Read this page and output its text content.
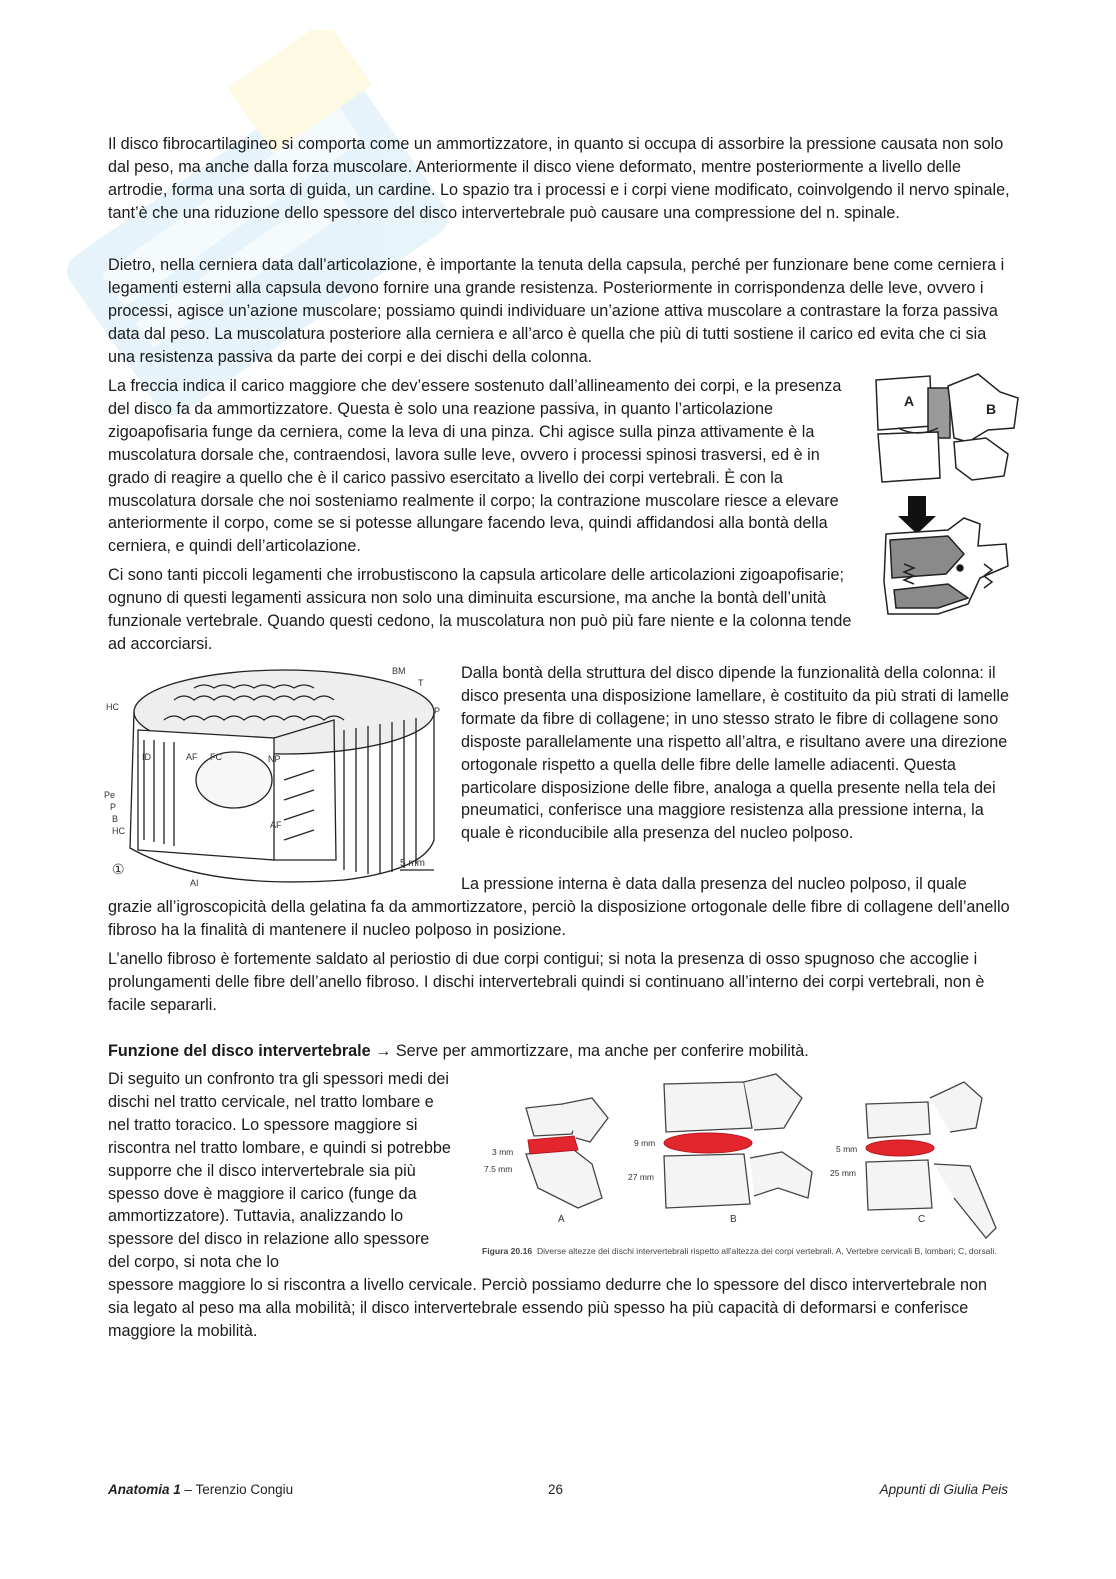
Il disco fibrocartilagineo si comporta come un ammortizzatore, in quanto si occupa di assorbire la pressione causata non solo dal peso, ma anche dalla forza muscolare. Anteriormente il disco viene deformato, mentre posteriormente a livello delle artrodie, forma una sorta di guida, un cardine. Lo spazio tra i processi e i corpi viene modificato, coinvolgendo il nervo spinale, tant’è che una riduzione dello spessore del disco intervertebrale può causare una compressione del n. spinale.

Dietro, nella cerniera data dall’articolazione, è importante la tenuta della capsula, perché per funzionare bene come cerniera i legamenti esterni alla capsula devono fornire una grande resistenza. Posteriormente in corrispondenza delle leve, ovvero i processi, agisce un’azione muscolare; possiamo quindi individuare un’azione attiva muscolare a contrastare la forza passiva data dal peso. La muscolatura posteriore alla cerniera e all’arco è quella che più di tutti sostiene il carico ed evita che ci sia una resistenza passiva da parte dei corpi e dei dischi della colonna.

La freccia indica il carico maggiore che dev’essere sostenuto dall’allineamento dei corpi, e la presenza del disco fa da ammortizzatore. Questa è solo una reazione passiva, in quanto l’articolazione zigoapofisaria funge da cerniera, come la leva di una pinza. Chi agisce sulla pinza attivamente è la muscolatura dorsale che, contraendosi, lavora sulle leve, ovvero i processi spinosi trasversi, ed è in grado di reagire a quello che è il carico passivo esercitato a livello dei corpi vertebrali. È con la muscolatura dorsale che noi sosteniamo realmente il corpo; la contrazione muscolare riesce a elevare anteriormente il corpo, come se si potesse allungare facendo leva, quindi affidandosi alla bontà della cerniera, e quindi dell’articolazione.

Ci sono tanti piccoli legamenti che irrobustiscono la capsula articolare delle articolazioni zigoapofisarie; ognuno di questi legamenti assicura non solo una diminuita escursione, ma anche la bontà dell’unità funzionale vertebrale. Quando questi cedono, la muscolatura non può più fare niente e la colonna tende ad accorciarsi.

A	B
BM
T
P
HC
ID	AF FC	NP
Pe
P
B
HC
AF
AI
5 mm
①

Dalla bontà della struttura del disco dipende la funzionalità della colonna: il disco presenta una disposizione lamellare, è costituito da più strati di lamelle formate da fibre di collagene; in uno stesso strato le fibre di collagene sono disposte parallelamente una rispetto all’altra, e risultano avere una direzione ortogonale rispetto a quella delle fibre delle lamelle adiacenti. Questa particolare disposizione delle fibre, analoga a quella presente nella tela dei pneumatici, conferisce una maggiore resistenza alla pressione interna, la quale è riconducibile alla presenza del nucleo polposo.

La pressione interna è data dalla presenza del nucleo polposo, il quale

grazie all’igroscopicità della gelatina fa da ammortizzatore, perciò la disposizione ortogonale delle fibre di collagene dell’anello fibroso ha la finalità di mantenere il nucleo polposo in posizione.

L’anello fibroso è fortemente saldato al periostio di due corpi contigui; si nota la presenza di osso spugnoso che accoglie i prolungamenti delle fibre dell’anello fibroso. I dischi intervertebrali quindi si continuano all’interno dei corpi vertebrali, non è facile separarli.

Funzione del disco intervertebrale → Serve per ammortizzare, ma anche per conferire mobilità.

Di seguito un confronto tra gli spessori medi dei dischi nel tratto cervicale, nel tratto lombare e nel tratto toracico. Lo spessore maggiore si riscontra nel tratto lombare, e quindi si potrebbe supporre che il disco intervertebrale sia più spesso dove è maggiore il carico (funge da ammortizzatore). Tuttavia, analizzando lo spessore del disco in relazione allo spessore del corpo, si nota che lo

3 mm
7.5 mm
9 mm
27 mm
5 mm
25 mm
A	B	C
Figura 20.16 Diverse altezze dei dischi intervertebrali rispetto all'altezza dei corpi vertebrali. A, Vertebre cervicali B, lombari; C, dorsali.

spessore maggiore lo si riscontra a livello cervicale. Perciò possiamo dedurre che lo spessore del disco intervertebrale non sia legato al peso ma alla mobilità; il disco intervertebrale essendo più spesso ha più capacità di deformarsi e conferisce maggiore la mobilità.

Anatomia 1 – Terenzio Congiu	26	Appunti di Giulia Peis
